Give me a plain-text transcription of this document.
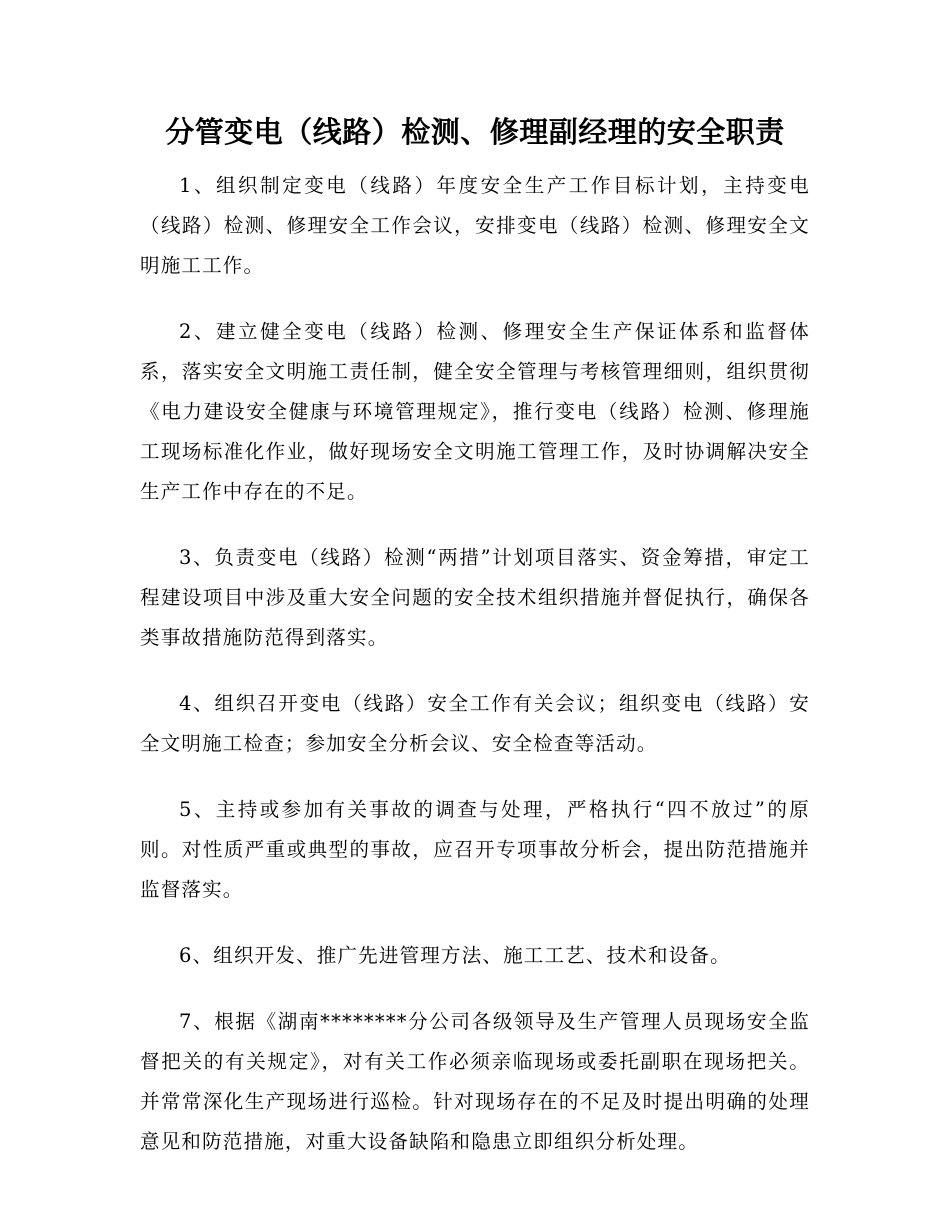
分管变电（线路）检测、修理副经理的安全职责

1、组织制定变电（线路）年度安全生产工作目标计划，主持变电（线路）检测、修理安全工作会议，安排变电（线路）检测、修理安全文明施工工作。

2、建立健全变电（线路）检测、修理安全生产保证体系和监督体系，落实安全文明施工责任制，健全安全管理与考核管理细则，组织贯彻《电力建设安全健康与环境管理规定》，推行变电（线路）检测、修理施工现场标准化作业，做好现场安全文明施工管理工作，及时协调解决安全生产工作中存在的不足。

3、负责变电（线路）检测“两措”计划项目落实、资金筹措，审定工程建设项目中涉及重大安全问题的安全技术组织措施并督促执行，确保各类事故措施防范得到落实。

4、组织召开变电（线路）安全工作有关会议；组织变电（线路）安全文明施工检查；参加安全分析会议、安全检查等活动。

5、主持或参加有关事故的调查与处理，严格执行“四不放过”的原则。对性质严重或典型的事故，应召开专项事故分析会，提出防范措施并监督落实。

6、组织开发、推广先进管理方法、施工工艺、技术和设备。

7、根据《湖南********分公司各级领导及生产管理人员现场安全监督把关的有关规定》，对有关工作必须亲临现场或委托副职在现场把关。并常常深化生产现场进行巡检。针对现场存在的不足及时提出明确的处理意见和防范措施，对重大设备缺陷和隐患立即组织分析处理。
